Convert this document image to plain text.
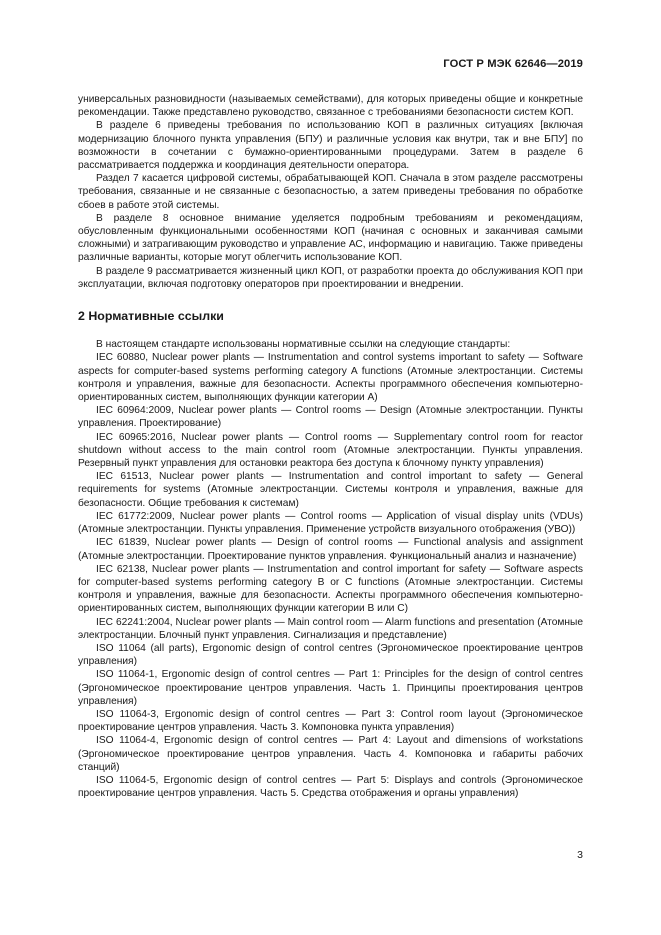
ГОСТ Р МЭК 62646—2019

универсальных разновидности (называемых семействами), для которых приведены общие и конкретные рекомендации. Также представлено руководство, связанное с требованиями безопасности систем КОП.

В разделе 6 приведены требования по использованию КОП в различных ситуациях [включая модернизацию блочного пункта управления (БПУ) и различные условия как внутри, так и вне БПУ] по возможности в сочетании с бумажно-ориентированными процедурами. Затем в разделе 6 рассматривается поддержка и координация деятельности оператора.

Раздел 7 касается цифровой системы, обрабатывающей КОП. Сначала в этом разделе рассмотрены требования, связанные и не связанные с безопасностью, а затем приведены требования по обработке сбоев в работе этой системы.

В разделе 8 основное внимание уделяется подробным требованиям и рекомендациям, обусловленным функциональными особенностями КОП (начиная с основных и заканчивая самыми сложными) и затрагивающим руководство и управление АС, информацию и навигацию. Также приведены различные варианты, которые могут облегчить использование КОП.

В разделе 9 рассматривается жизненный цикл КОП, от разработки проекта до обслуживания КОП при эксплуатации, включая подготовку операторов при проектировании и внедрении.

2 Нормативные ссылки

В настоящем стандарте использованы нормативные ссылки на следующие стандарты:

IEC 60880, Nuclear power plants — Instrumentation and control systems important to safety — Software aspects for computer-based systems performing category A functions (Атомные электростанции. Системы контроля и управления, важные для безопасности. Аспекты программного обеспечения компьютерно-ориентированных систем, выполняющих функции категории А)

IEC 60964:2009, Nuclear power plants — Control rooms — Design (Атомные электростанции. Пункты управления. Проектирование)

IEC 60965:2016, Nuclear power plants — Control rooms — Supplementary control room for reactor shutdown without access to the main control room (Атомные электростанции. Пункты управления. Резервный пункт управления для остановки реактора без доступа к блочному пункту управления)

IEC 61513, Nuclear power plants — Instrumentation and control important to safety — General requirements for systems (Атомные электростанции. Системы контроля и управления, важные для безопасности. Общие требования к системам)

IEC 61772:2009, Nuclear power plants — Control rooms — Application of visual display units (VDUs) (Атомные электростанции. Пункты управления. Применение устройств визуального отображения (УВО))

IEC 61839, Nuclear power plants — Design of control rooms — Functional analysis and assignment (Атомные электростанции. Проектирование пунктов управления. Функциональный анализ и назначение)

IEC 62138, Nuclear power plants — Instrumentation and control important for safety — Software aspects for computer-based systems performing category B or C functions (Атомные электростанции. Системы контроля и управления, важные для безопасности. Аспекты программного обеспечения компьютерно-ориентированных систем, выполняющих функции категории В или С)

IEC 62241:2004, Nuclear power plants — Main control room — Alarm functions and presentation (Атомные электростанции. Блочный пункт управления. Сигнализация и представление)

ISO 11064 (all parts), Ergonomic design of control centres (Эргономическое проектирование центров управления)

ISO 11064-1, Ergonomic design of control centres — Part 1: Principles for the design of control centres (Эргономическое проектирование центров управления. Часть 1. Принципы проектирования центров управления)

ISO 11064-3, Ergonomic design of control centres — Part 3: Control room layout (Эргономическое проектирование центров управления. Часть 3. Компоновка пункта управления)

ISO 11064-4, Ergonomic design of control centres — Part 4: Layout and dimensions of workstations (Эргономическое проектирование центров управления. Часть 4. Компоновка и габариты рабочих станций)

ISO 11064-5, Ergonomic design of control centres — Part 5: Displays and controls (Эргономическое проектирование центров управления. Часть 5. Средства отображения и органы управления)

3
